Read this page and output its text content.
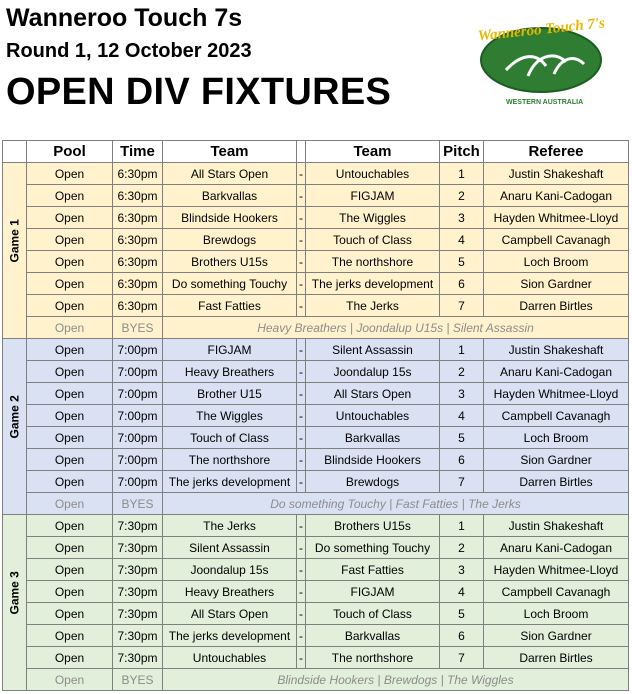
Wanneroo Touch 7s
Round 1, 12 October 2023
OPEN DIV FIXTURES
Wanneroo Touch 7's
WESTERN AUSTRALIA
	Pool	Time	Team		Team	Pitch	Referee

Game 1	Open	6:30pm	All Stars Open	-	Untouchables	1	Justin Shakeshaft
	Open	6:30pm	Barkvallas	-	FIGJAM	2	Anaru Kani-Cadogan
	Open	6:30pm	Blindside Hookers	-	The Wiggles	3	Hayden Whitmee-Lloyd
	Open	6:30pm	Brewdogs	-	Touch of Class	4	Campbell Cavanagh
	Open	6:30pm	Brothers U15s	-	The northshore	5	Loch Broom
	Open	6:30pm	Do something Touchy	-	The jerks development	6	Sion Gardner
	Open	6:30pm	Fast Fatties	-	The Jerks	7	Darren Birtles
	Open	BYES	Heavy Breathers | Joondalup U15s | Silent Assassin				

Game 2	Open	7:00pm	FIGJAM	-	Silent Assassin	1	Justin Shakeshaft
	Open	7:00pm	Heavy Breathers	-	Joondalup 15s	2	Anaru Kani-Cadogan
	Open	7:00pm	Brother U15	-	All Stars Open	3	Hayden Whitmee-Lloyd
	Open	7:00pm	The Wiggles	-	Untouchables	4	Campbell Cavanagh
	Open	7:00pm	Touch of Class	-	Barkvallas	5	Loch Broom
	Open	7:00pm	The northshore	-	Blindside Hookers	6	Sion Gardner
	Open	7:00pm	The jerks development	-	Brewdogs	7	Darren Birtles
	Open	BYES	Do something Touchy | Fast Fatties | The Jerks				

Game 3	Open	7:30pm	The Jerks	-	Brothers U15s	1	Justin Shakeshaft
	Open	7:30pm	Silent Assassin	-	Do something Touchy	2	Anaru Kani-Cadogan
	Open	7:30pm	Joondalup 15s	-	Fast Fatties	3	Hayden Whitmee-Lloyd
	Open	7:30pm	Heavy Breathers	-	FIGJAM	4	Campbell Cavanagh
	Open	7:30pm	All Stars Open	-	Touch of Class	5	Loch Broom
	Open	7:30pm	The jerks development	-	Barkvallas	6	Sion Gardner
	Open	7:30pm	Untouchables	-	The northshore	7	Darren Birtles
	Open	BYES	Blindside Hookers | Brewdogs | The Wiggles				
